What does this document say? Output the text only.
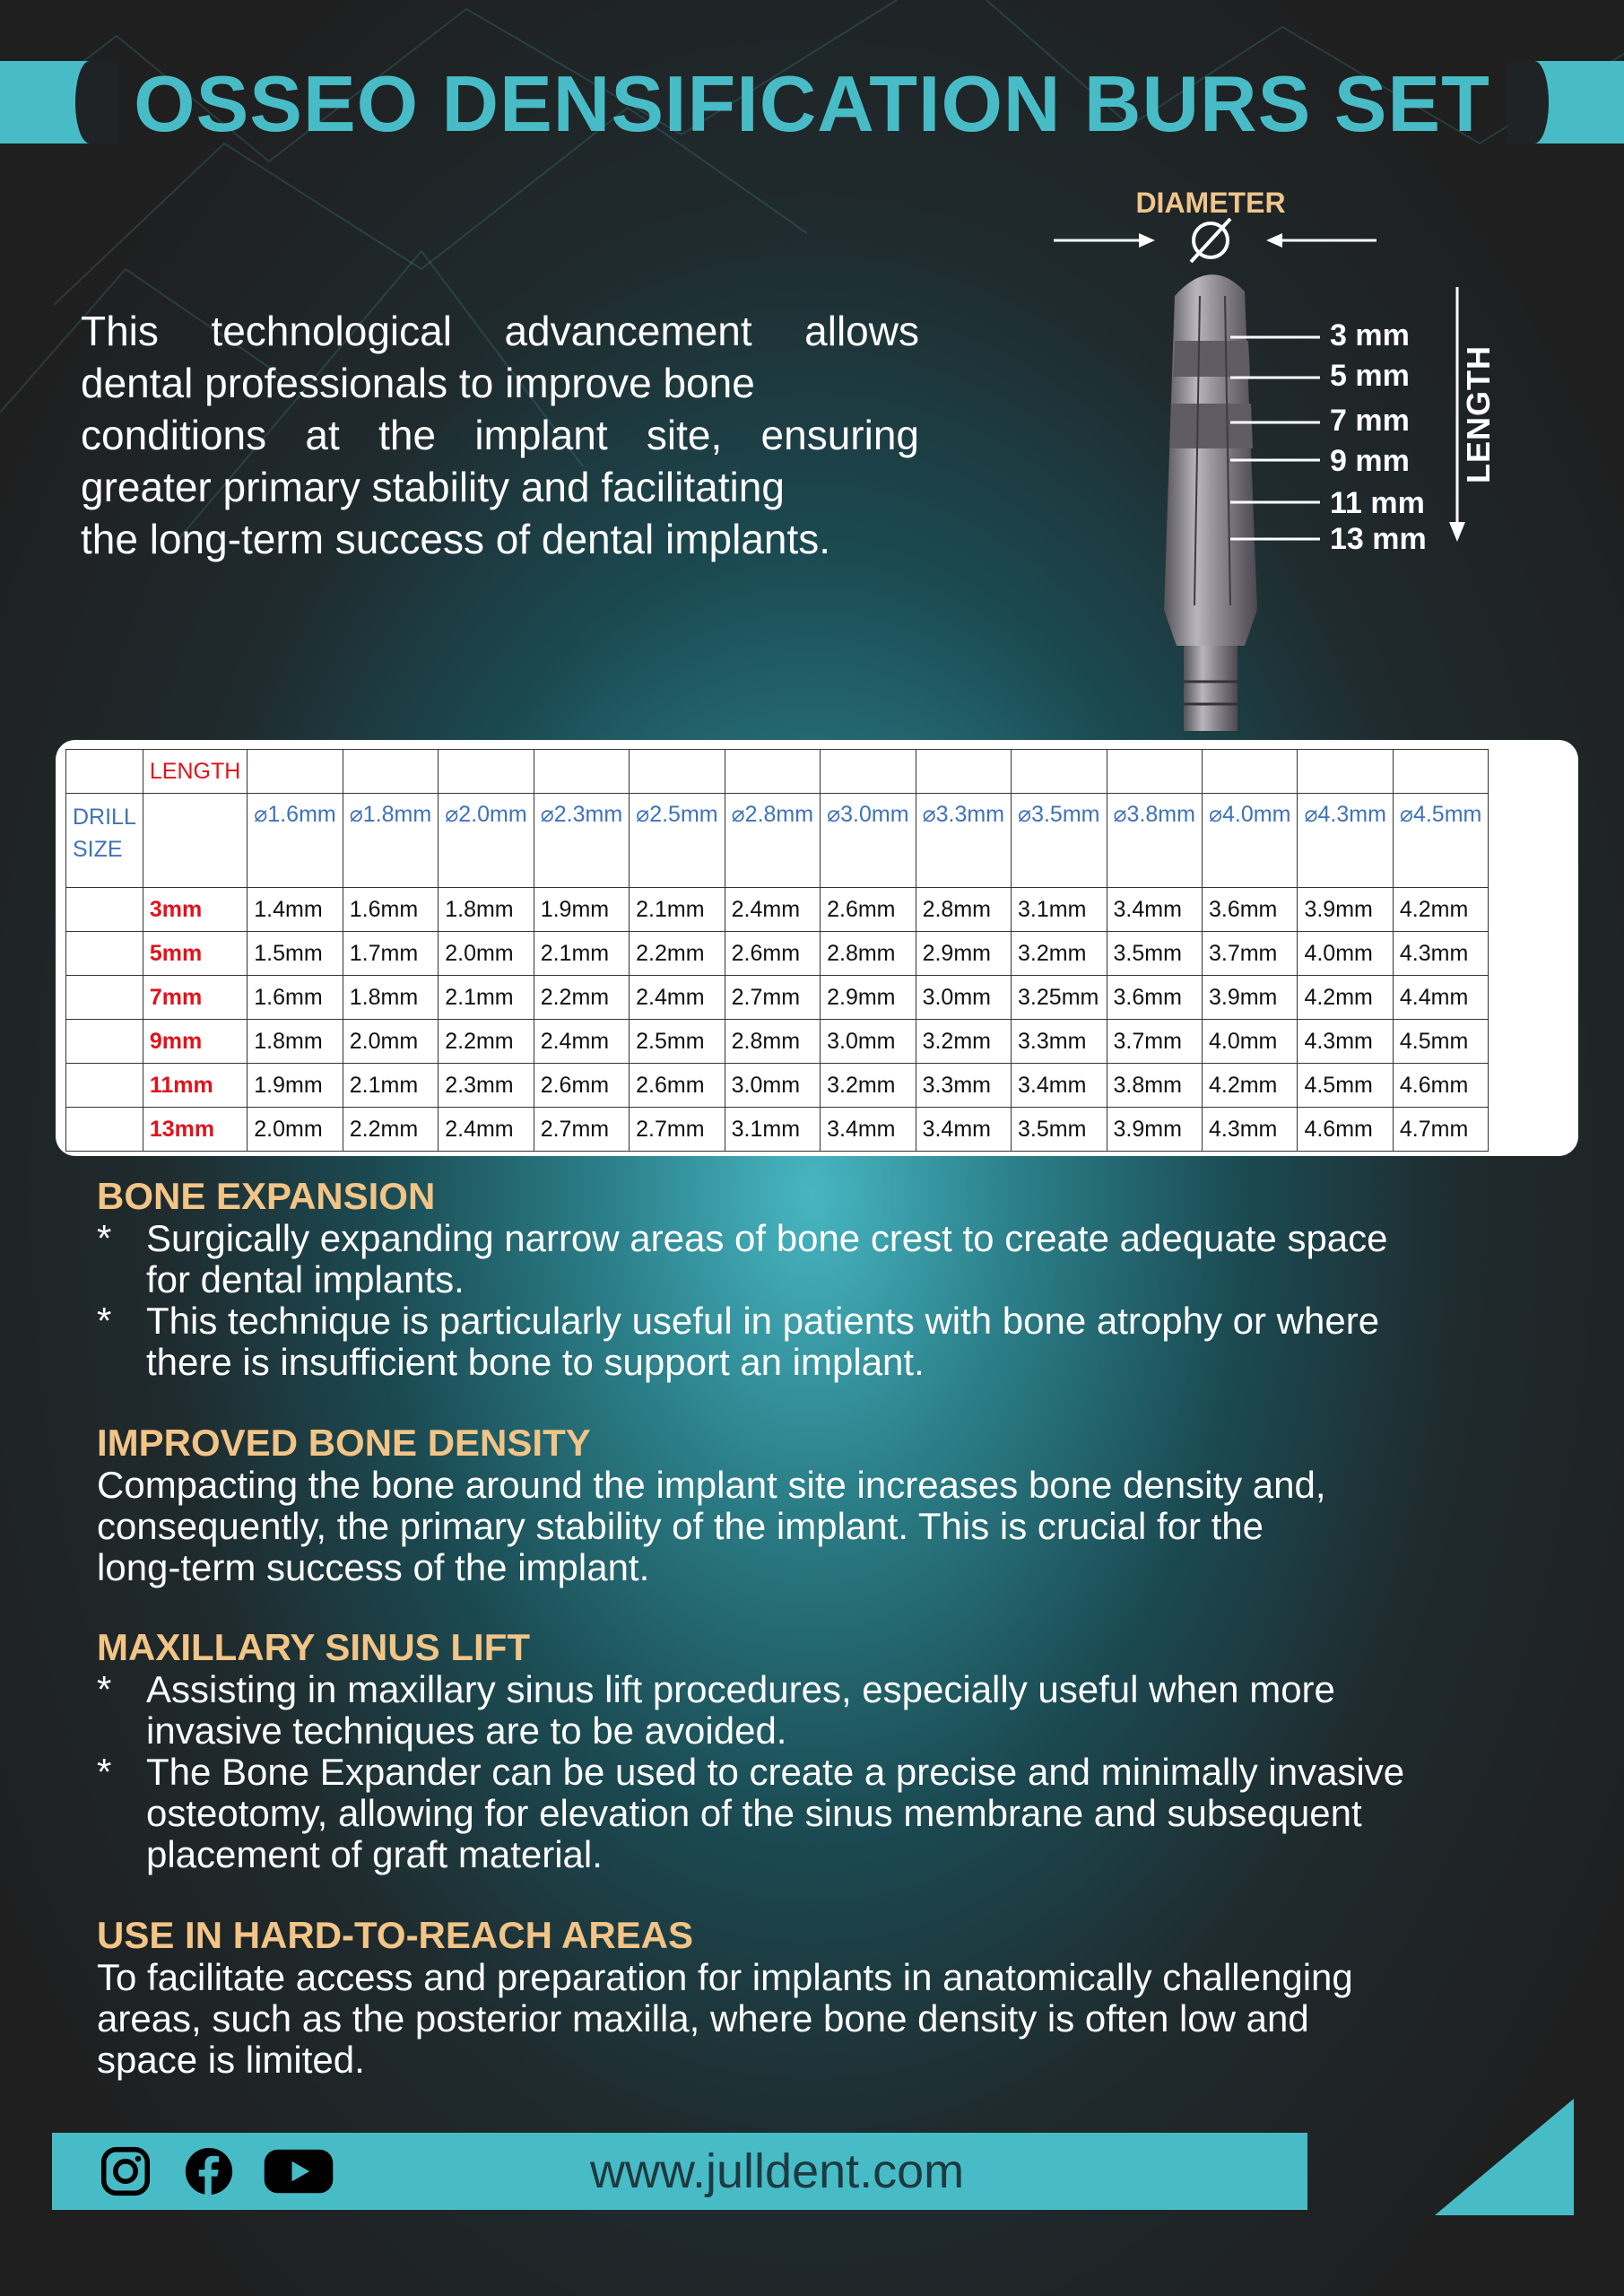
OSSEO DENSIFICATION BURS SET
This technological advancement allows
dental professionals to improve bone
conditions at the implant site, ensuring
greater primary stability and facilitating
the long-term success of dental implants.
DIAMETER
3 mm
5 mm
7 mm
9 mm
11 mm
13 mm
LENGTH
	LENGTH													
DRILL
SIZE		⌀1.6mm	⌀1.8mm	⌀2.0mm	⌀2.3mm	⌀2.5mm	⌀2.8mm	⌀3.0mm	⌀3.3mm	⌀3.5mm	⌀3.8mm	⌀4.0mm	⌀4.3mm	⌀4.5mm
	3mm	1.4mm	1.6mm	1.8mm	1.9mm	2.1mm	2.4mm	2.6mm	2.8mm	3.1mm	3.4mm	3.6mm	3.9mm	4.2mm
	5mm	1.5mm	1.7mm	2.0mm	2.1mm	2.2mm	2.6mm	2.8mm	2.9mm	3.2mm	3.5mm	3.7mm	4.0mm	4.3mm
	7mm	1.6mm	1.8mm	2.1mm	2.2mm	2.4mm	2.7mm	2.9mm	3.0mm	3.25mm	3.6mm	3.9mm	4.2mm	4.4mm
	9mm	1.8mm	2.0mm	2.2mm	2.4mm	2.5mm	2.8mm	3.0mm	3.2mm	3.3mm	3.7mm	4.0mm	4.3mm	4.5mm
	11mm	1.9mm	2.1mm	2.3mm	2.6mm	2.6mm	3.0mm	3.2mm	3.3mm	3.4mm	3.8mm	4.2mm	4.5mm	4.6mm
	13mm	2.0mm	2.2mm	2.4mm	2.7mm	2.7mm	3.1mm	3.4mm	3.4mm	3.5mm	3.9mm	4.3mm	4.6mm	4.7mm
BONE EXPANSION
* Surgically expanding narrow areas of bone crest to create adequate space
for dental implants.
* This technique is particularly useful in patients with bone atrophy or where
there is insufficient bone to support an implant.
IMPROVED BONE DENSITY
Compacting the bone around the implant site increases bone density and,
consequently, the primary stability of the implant. This is crucial for the
long-term success of the implant.
MAXILLARY SINUS LIFT
* Assisting in maxillary sinus lift procedures, especially useful when more
invasive techniques are to be avoided.
* The Bone Expander can be used to create a precise and minimally invasive
osteotomy, allowing for elevation of the sinus membrane and subsequent
placement of graft material.
USE IN HARD-TO-REACH AREAS
To facilitate access and preparation for implants in anatomically challenging
areas, such as the posterior maxilla, where bone density is often low and
space is limited.
www.julldent.com
